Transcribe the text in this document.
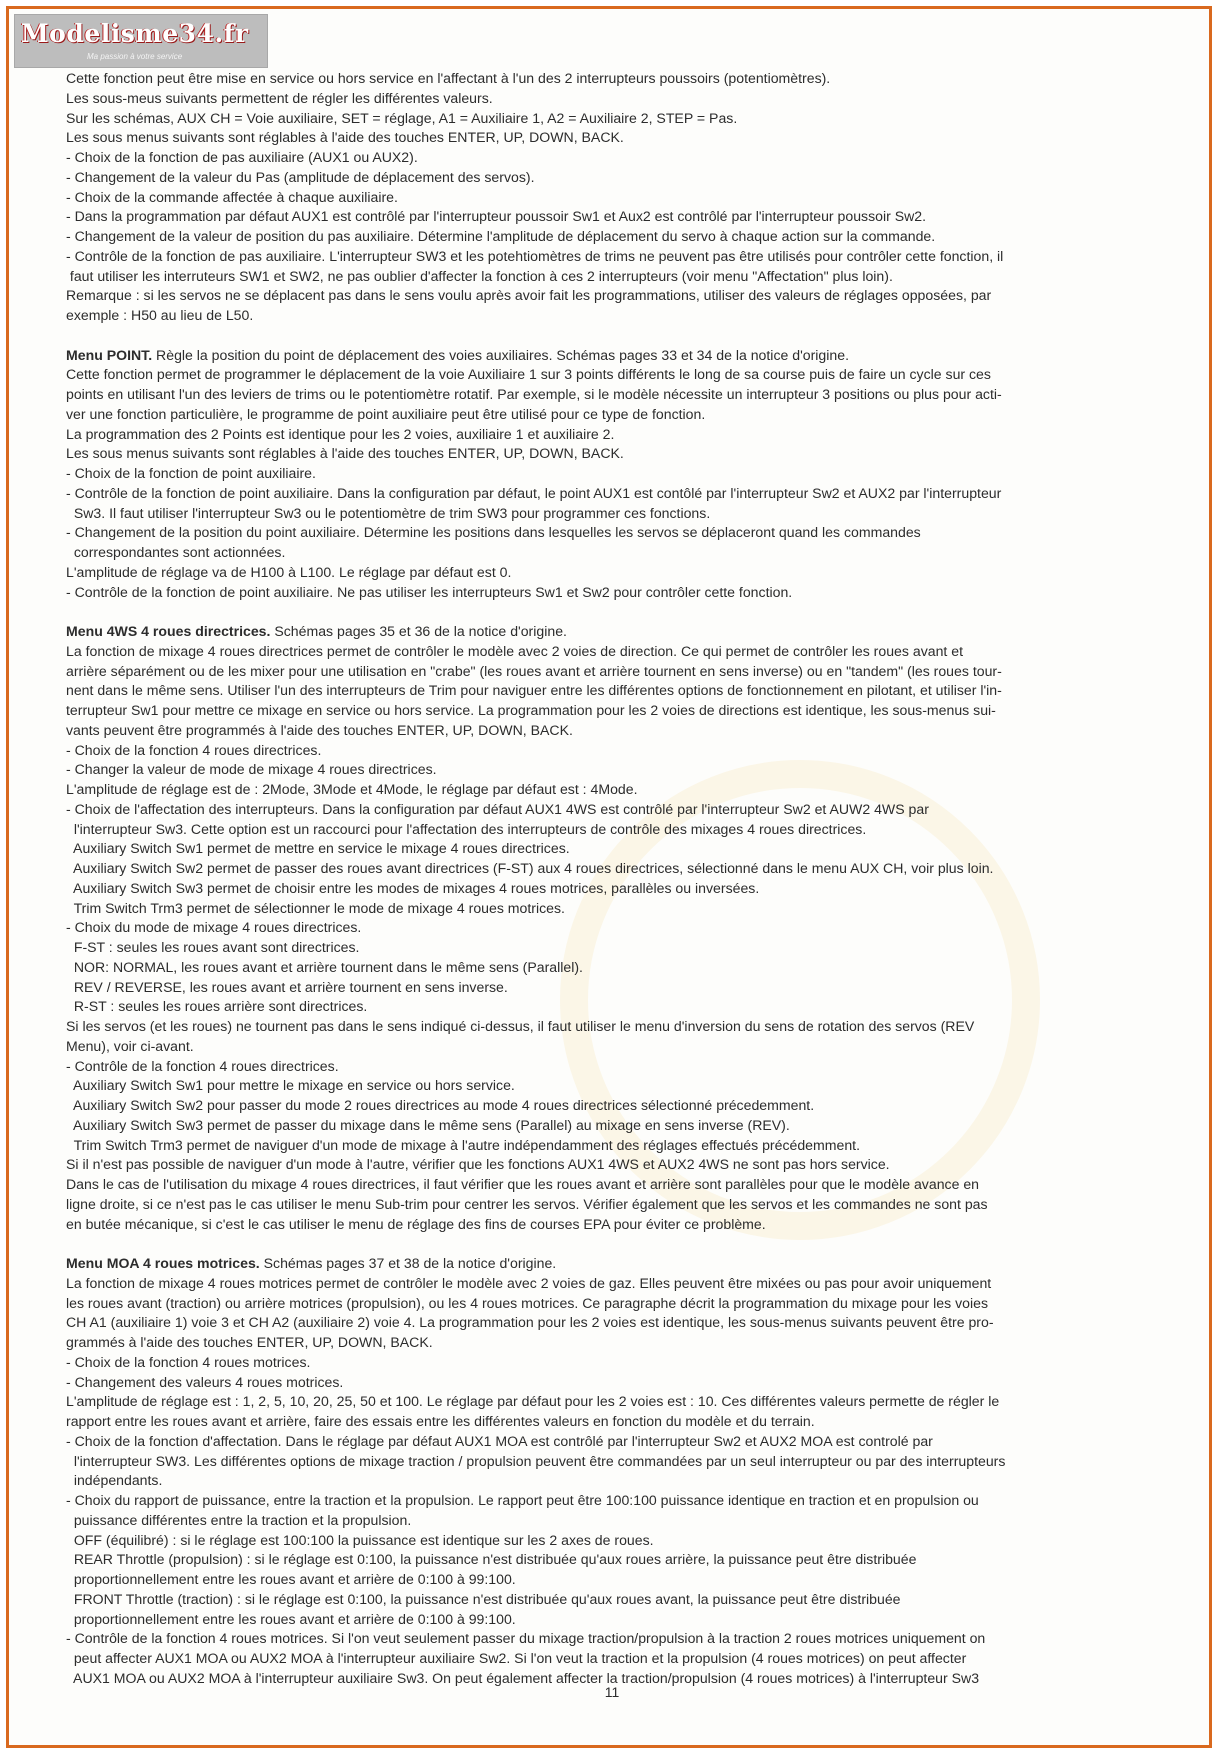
Modelisme34.fr
Ma passion à votre service

Cette fonction peut être mise en service ou hors service en l'affectant à l'un des 2 interrupteurs poussoirs (potentiomètres).

Les sous-meus suivants permettent de régler les différentes valeurs.

Sur les schémas, AUX CH = Voie auxiliaire, SET = réglage, A1 = Auxiliaire 1, A2 = Auxiliaire 2, STEP = Pas.

Les sous menus suivants sont réglables à l'aide des touches ENTER, UP, DOWN, BACK.

- Choix de la fonction de pas auxiliaire (AUX1 ou AUX2).

- Changement de la valeur du Pas (amplitude de déplacement des servos).

- Choix de la commande affectée à chaque auxiliaire.

- Dans la programmation par défaut AUX1 est contrôlé par l'interrupteur poussoir Sw1 et Aux2 est contrôlé par l'interrupteur poussoir Sw2.

- Changement de la valeur de position du pas auxiliaire. Détermine l'amplitude de déplacement du servo à chaque action sur la commande.

- Contrôle de la fonction de pas auxiliaire. L'interrupteur SW3 et les potehtiomètres de trims ne peuvent pas être utilisés pour contrôler cette fonction, il

faut utiliser les interruteurs SW1 et SW2, ne pas oublier d'affecter la fonction à ces 2 interrupteurs (voir menu "Affectation" plus loin).

Remarque : si les servos ne se déplacent pas dans le sens voulu après avoir fait les programmations, utiliser des valeurs de réglages opposées, par

exemple : H50 au lieu de L50.

Menu POINT. Règle la position du point de déplacement des voies auxiliaires. Schémas pages 33 et 34 de la notice d'origine.

Cette fonction permet de programmer le déplacement de la voie Auxiliaire 1 sur 3 points différents le long de sa course puis de faire un cycle sur ces

points en utilisant l'un des leviers de trims ou le potentiomètre rotatif. Par exemple, si le modèle nécessite un interrupteur 3 positions ou plus pour acti-

ver une fonction particulière, le programme de point auxiliaire peut être utilisé pour ce type de fonction.

La programmation des 2 Points est identique pour les 2 voies, auxiliaire 1 et auxiliaire 2.

Les sous menus suivants sont réglables à l'aide des touches ENTER, UP, DOWN, BACK.

- Choix de la fonction de point auxiliaire.

- Contrôle de la fonction de point auxiliaire. Dans la configuration par défaut, le point AUX1 est contôlé par l'interrupteur Sw2 et AUX2 par l'interrupteur

Sw3. Il faut utiliser l'interrupteur Sw3 ou le potentiomètre de trim SW3 pour programmer ces fonctions.

- Changement de la position du point auxiliaire. Détermine les positions dans lesquelles les servos se déplaceront quand les commandes

correspondantes sont actionnées.

L'amplitude de réglage va de H100 à L100. Le réglage par défaut est 0.

- Contrôle de la fonction de point auxiliaire. Ne pas utiliser les interrupteurs Sw1 et Sw2 pour contrôler cette fonction.

Menu 4WS 4 roues directrices. Schémas pages 35 et 36 de la notice d'origine.

La fonction de mixage 4 roues directrices permet de contrôler le modèle avec 2 voies de direction. Ce qui permet de contrôler les roues avant et

arrière séparément ou de les mixer pour une utilisation en "crabe" (les roues avant et arrière tournent en sens inverse) ou en "tandem" (les roues tour-

nent dans le même sens. Utiliser l'un des interrupteurs de Trim pour naviguer entre les différentes options de fonctionnement en pilotant, et utiliser l'in-

terrupteur Sw1 pour mettre ce mixage en service ou hors service. La programmation pour les 2 voies de directions est identique, les sous-menus sui-

vants peuvent être programmés à l'aide des touches ENTER, UP, DOWN, BACK.

- Choix de la fonction 4 roues directrices.

- Changer la valeur de mode de mixage 4 roues directrices.

L'amplitude de réglage est de : 2Mode, 3Mode et 4Mode, le réglage par défaut est : 4Mode.

- Choix de l'affectation des interrupteurs. Dans la configuration par défaut AUX1 4WS est contrôlé par l'interrupteur Sw2 et AUW2 4WS par

l'interrupteur Sw3. Cette option est un raccourci pour l'affectation des interrupteurs de contrôle des mixages 4 roues directrices.

Auxiliary Switch Sw1 permet de mettre en service le mixage 4 roues directrices.

Auxiliary Switch Sw2 permet de passer des roues avant directrices (F-ST) aux 4 roues directrices, sélectionné dans le menu AUX CH, voir plus loin.

Auxiliary Switch Sw3 permet de choisir entre les modes de mixages 4 roues motrices, parallèles ou inversées.

Trim Switch Trm3 permet de sélectionner le mode de mixage 4 roues motrices.

- Choix du mode de mixage 4 roues directrices.

F-ST : seules les roues avant sont directrices.

NOR: NORMAL, les roues avant et arrière tournent dans le même sens (Parallel).

REV / REVERSE, les roues avant et arrière tournent en sens inverse.

R-ST : seules les roues arrière sont directrices.

Si les servos (et les roues) ne tournent pas dans le sens indiqué ci-dessus, il faut utiliser le menu d'inversion du sens de rotation des servos (REV

Menu), voir ci-avant.

- Contrôle de la fonction 4 roues directrices.

Auxiliary Switch Sw1 pour mettre le mixage en service ou hors service.

Auxiliary Switch Sw2 pour passer du mode 2 roues directrices au mode 4 roues directrices sélectionné précedemment.

Auxiliary Switch Sw3 permet de passer du mixage dans le même sens (Parallel) au mixage en sens inverse (REV).

Trim Switch Trm3 permet de naviguer d'un mode de mixage à l'autre indépendamment des réglages effectués précédemment.

Si il n'est pas possible de naviguer d'un mode à l'autre, vérifier que les fonctions AUX1 4WS et AUX2 4WS ne sont pas hors service.

Dans le cas de l'utilisation du mixage 4 roues directrices, il faut vérifier que les roues avant et arrière sont parallèles pour que le modèle avance en

ligne droite, si ce n'est pas le cas utiliser le menu Sub-trim pour centrer les servos. Vérifier également que les servos et les commandes ne sont pas

en butée mécanique, si c'est le cas utiliser le menu de réglage des fins de courses EPA pour éviter ce problème.

Menu MOA 4 roues motrices. Schémas pages 37 et 38 de la notice d'origine.

La fonction de mixage 4 roues motrices permet de contrôler le modèle avec 2 voies de gaz. Elles peuvent être mixées ou pas pour avoir uniquement

les roues avant (traction) ou arrière motrices (propulsion), ou les 4 roues motrices. Ce paragraphe décrit la programmation du mixage pour les voies

CH A1 (auxiliaire 1) voie 3 et CH A2 (auxiliaire 2) voie 4. La programmation pour les 2 voies est identique, les sous-menus suivants peuvent être pro-

grammés à l'aide des touches ENTER, UP, DOWN, BACK.

- Choix de la fonction 4 roues motrices.

- Changement des valeurs 4 roues motrices.

L'amplitude de réglage est : 1, 2, 5, 10, 20, 25, 50 et 100. Le réglage par défaut pour les 2 voies est : 10. Ces différentes valeurs permette de régler le

rapport entre les roues avant et arrière, faire des essais entre les différentes valeurs en fonction du modèle et du terrain.

- Choix de la fonction d'affectation. Dans le réglage par défaut AUX1 MOA est contrôlé par l'interrupteur Sw2 et AUX2 MOA est controlé par

l'interrupteur SW3. Les différentes options de mixage traction / propulsion peuvent être commandées par un seul interrupteur ou par des interrupteurs

indépendants.

- Choix du rapport de puissance, entre la traction et la propulsion. Le rapport peut être 100:100 puissance identique en traction et en propulsion ou

puissance différentes entre la traction et la propulsion.

OFF (équilibré) : si le réglage est 100:100 la puissance est identique sur les 2 axes de roues.

REAR Throttle (propulsion) : si le réglage est 0:100, la puissance n'est distribuée qu'aux roues arrière, la puissance peut être distribuée

proportionnellement entre les roues avant et arrière de 0:100 à 99:100.

FRONT Throttle (traction) : si le réglage est 0:100, la puissance n'est distribuée qu'aux roues avant, la puissance peut être distribuée

proportionnellement entre les roues avant et arrière de 0:100 à 99:100.

- Contrôle de la fonction 4 roues motrices. Si l'on veut seulement passer du mixage traction/propulsion à la traction 2 roues motrices uniquement on

peut affecter AUX1 MOA ou AUX2 MOA à l'interrupteur auxiliaire Sw2. Si l'on veut la traction et la propulsion (4 roues motrices) on peut affecter

AUX1 MOA ou AUX2 MOA à l'interrupteur auxiliaire Sw3. On peut également affecter la traction/propulsion (4 roues motrices) à l'interrupteur Sw3

11
